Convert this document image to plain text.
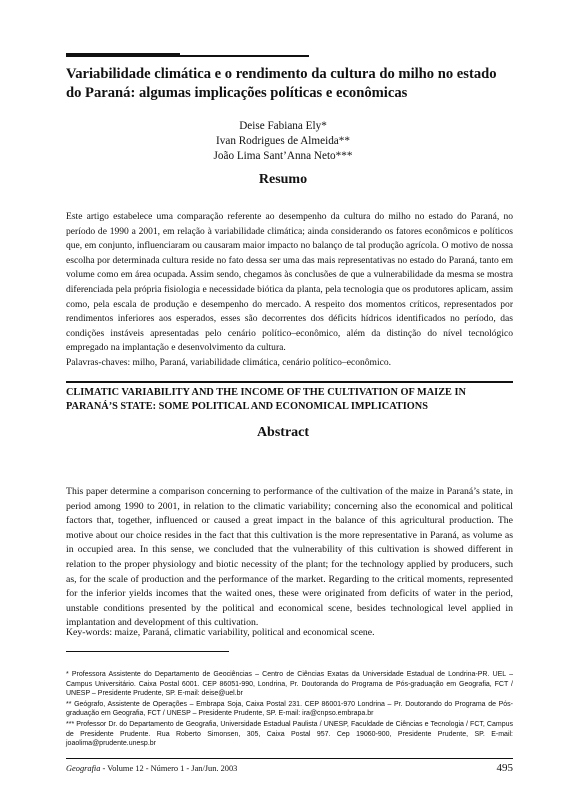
Variabilidade climática e o rendimento da cultura do milho no estado do Paraná: algumas implicações políticas e econômicas
Deise Fabiana Ely*
Ivan Rodrigues de Almeida**
João Lima Sant’Anna Neto***
Resumo

Este artigo estabelece uma comparação referente ao desempenho da cultura do milho no estado do Paraná, no período de 1990 a 2001, em relação à variabilidade climática; ainda considerando os fatores econômicos e políticos que, em conjunto, influenciaram ou causaram maior impacto no balanço de tal produção agrícola. O motivo de nossa escolha por determinada cultura reside no fato dessa ser uma das mais representativas no estado do Paraná, tanto em volume como em área ocupada. Assim sendo, chegamos às conclusões de que a vulnerabilidade da mesma se mostra diferenciada pela própria fisiologia e necessidade biótica da planta, pela tecnologia que os produtores aplicam, assim como, pela escala de produção e desempenho do mercado. A respeito dos momentos críticos, representados por rendimentos inferiores aos esperados, esses são decorrentes dos déficits hídricos identificados no período, das condições instáveis apresentadas pelo cenário político–econômico, além da distinção do nível tecnológico empregado na implantação e desenvolvimento da cultura.

Palavras-chaves: milho, Paraná, variabilidade climática, cenário político–econômico.
CLIMATIC VARIABILITY AND THE INCOME OF THE CULTIVATION OF MAIZE IN PARANÁ’S STATE: SOME POLITICAL AND ECONOMICAL IMPLICATIONS
Abstract

This paper determine a comparison concerning to performance of the cultivation of the maize in Paraná’s state, in period among 1990 to 2001, in relation to the climatic variability; concerning also the economical and political factors that, together, influenced or caused a great impact in the balance of this agricultural production. The motive about our choice resides in the fact that this cultivation is the more representative in Paraná, as volume as in occupied area. In this sense, we concluded that the vulnerability of this cultivation is showed different in relation to the proper physiology and biotic necessity of the plant; for the technology applied by producers, such as, for the scale of production and the performance of the market. Regarding to the critical moments, represented for the inferior yields incomes that the waited ones, these were originated from deficits of water in the period, unstable conditions presented by the political and economical scene, besides technological level applied in implantation and development of this cultivation.

Key-words: maize, Paraná, climatic variability, political and economical scene.

* Professora Assistente do Departamento de Geociências – Centro de Ciências Exatas da Universidade Estadual de Londrina-PR. UEL – Campus Universitário. Caixa Postal 6001. CEP 86051-990, Londrina, Pr. Doutoranda do Programa de Pós-graduação em Geografia, FCT / UNESP – Presidente Prudente, SP. E-mail: deise@uel.br

** Geógrafo, Assistente de Operações – Embrapa Soja, Caixa Postal 231. CEP 86001-970 Londrina – Pr. Doutorando do Programa de Pós-graduação em Geografia, FCT / UNESP – Presidente Prudente, SP. E-mail: ira@cnpso.embrapa.br

*** Professor Dr. do Departamento de Geografia, Universidade Estadual Paulista / UNESP, Faculdade de Ciências e Tecnologia / FCT, Campus de Presidente Prudente. Rua Roberto Simonsen, 305, Caixa Postal 957. Cep 19060-900, Presidente Prudente, SP. E-mail: joaolima@prudente.unesp.br

Geografia - Volume 12 - Número 1 - Jan/Jun. 2003	495
